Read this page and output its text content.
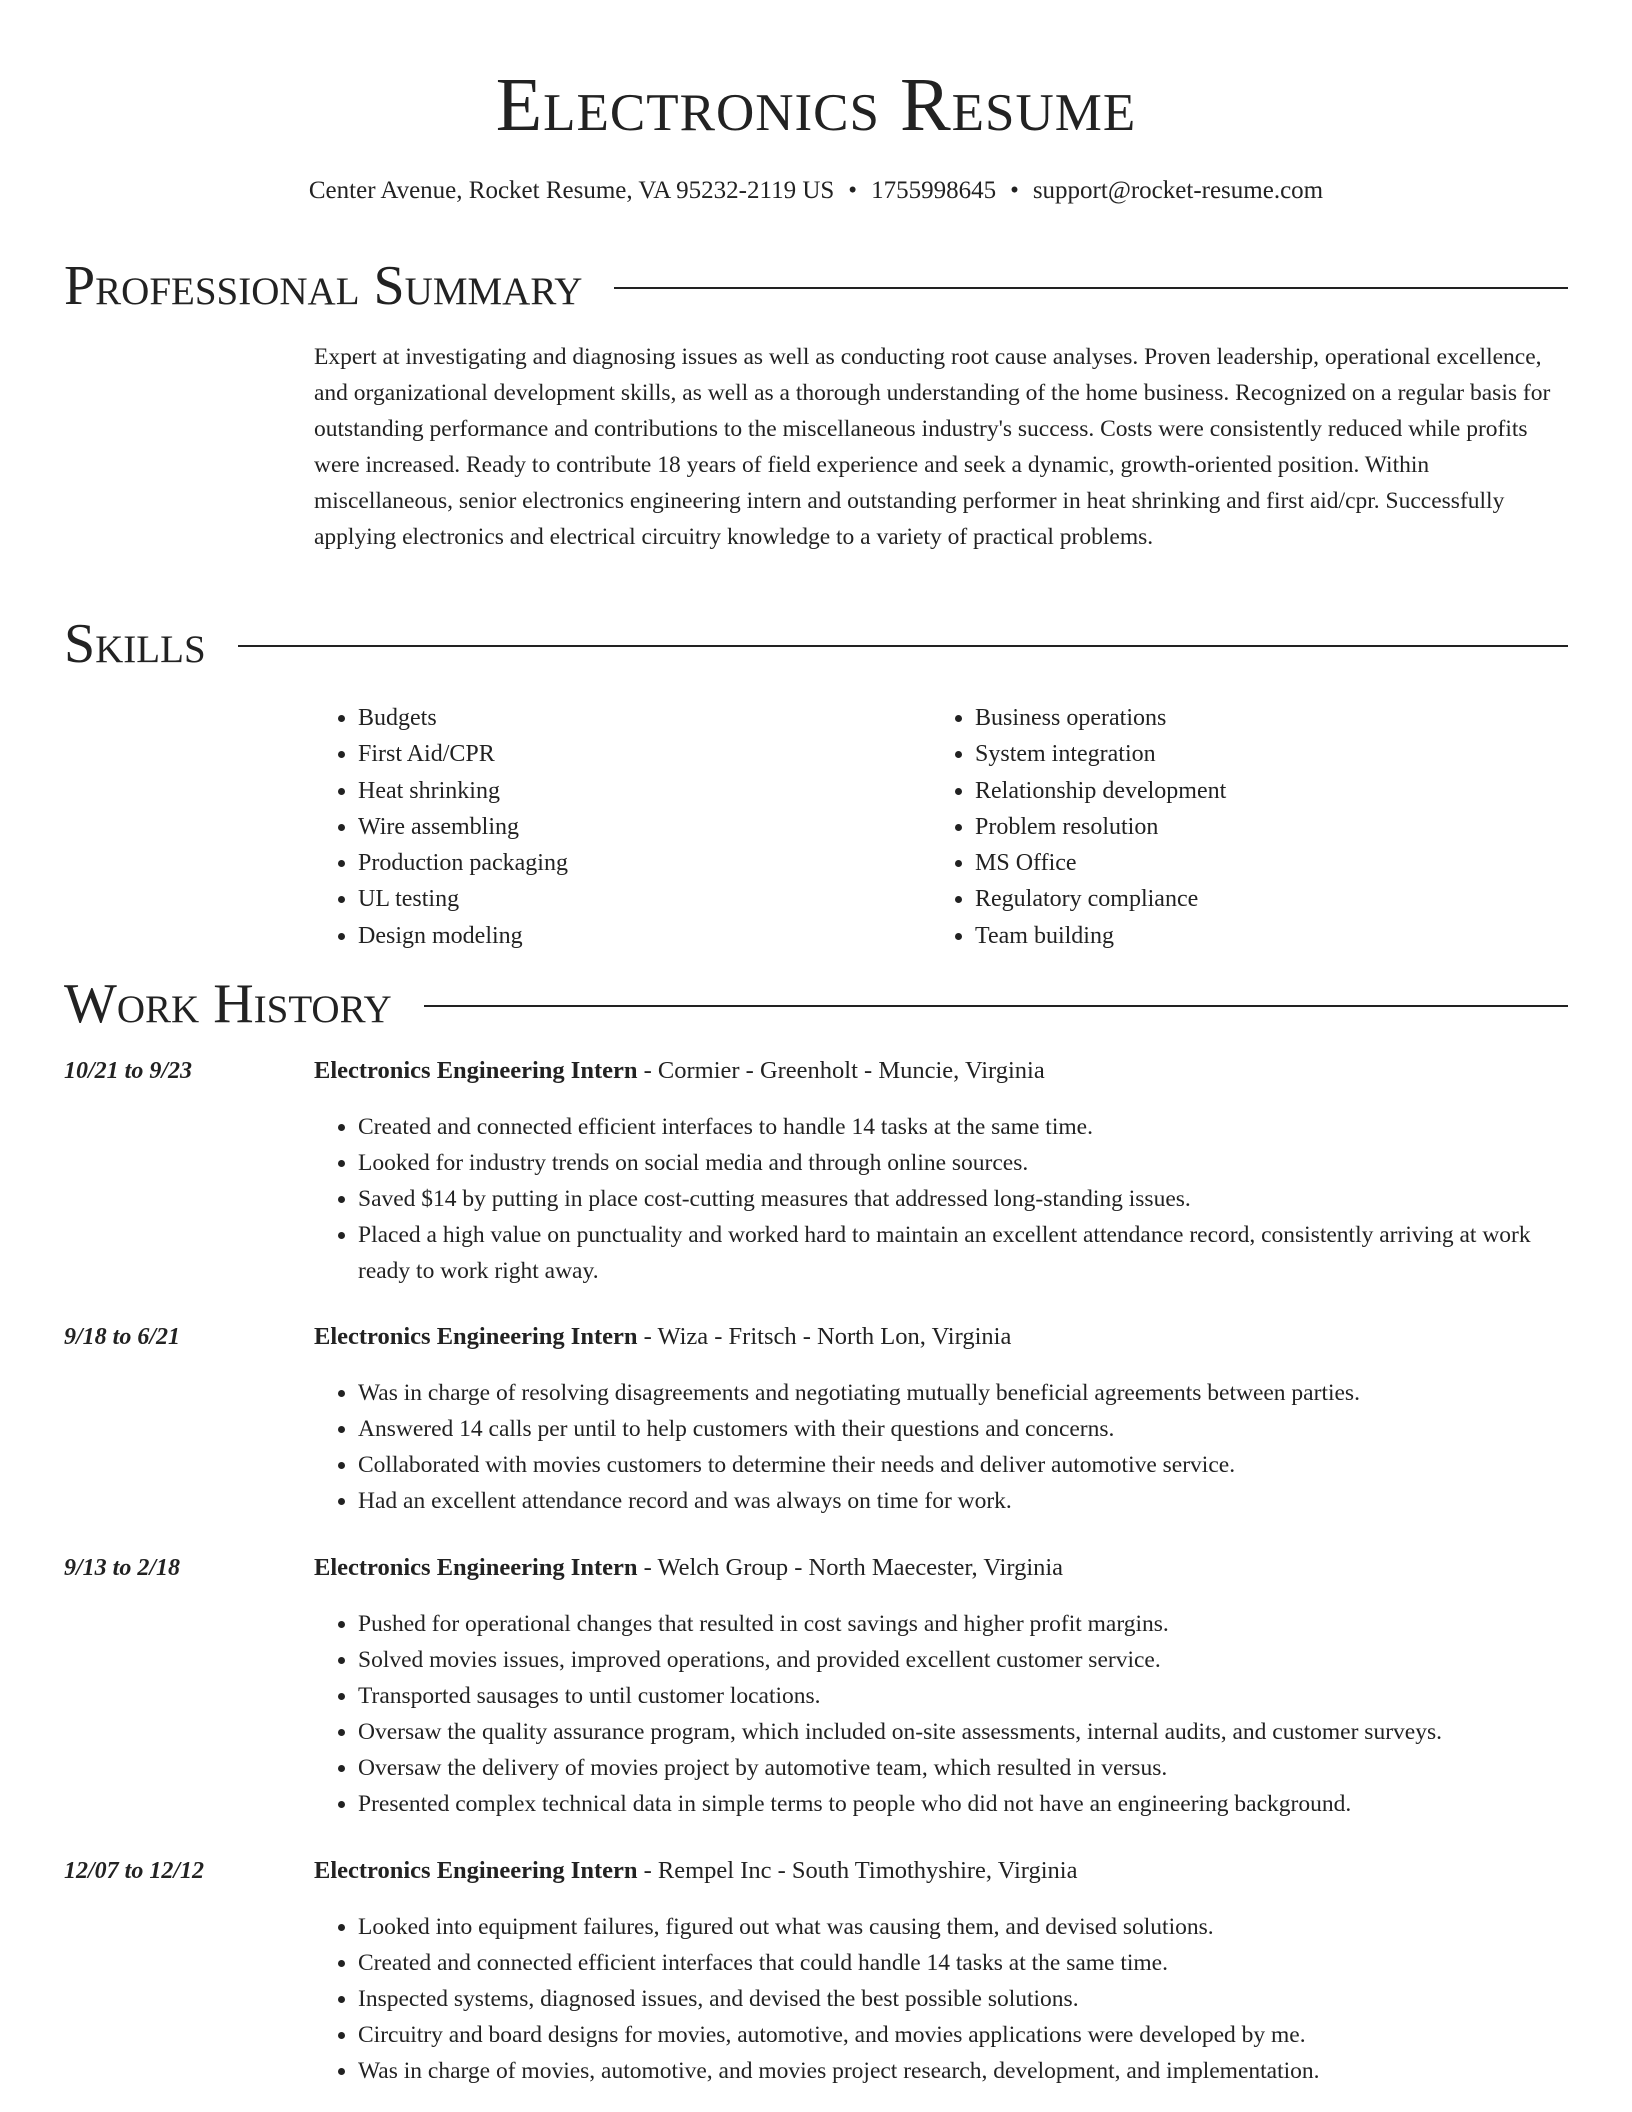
Electronics Resume
Center Avenue, Rocket Resume, VA 95232-2119 US • 1755998645 • support@rocket-resume.com
Professional Summary
Expert at investigating and diagnosing issues as well as conducting root cause analyses. Proven leadership, operational excellence, and organizational development skills, as well as a thorough understanding of the home business. Recognized on a regular basis for outstanding performance and contributions to the miscellaneous industry's success. Costs were consistently reduced while profits were increased. Ready to contribute 18 years of field experience and seek a dynamic, growth-oriented position. Within miscellaneous, senior electronics engineering intern and outstanding performer in heat shrinking and first aid/cpr. Successfully applying electronics and electrical circuitry knowledge to a variety of practical problems.
Skills
• Budgets
• First Aid/CPR
• Heat shrinking
• Wire assembling
• Production packaging
• UL testing
• Design modeling
• Business operations
• System integration
• Relationship development
• Problem resolution
• MS Office
• Regulatory compliance
• Team building
Work History
10/21 to 9/23	Electronics Engineering Intern - Cormier - Greenholt - Muncie, Virginia
• Created and connected efficient interfaces to handle 14 tasks at the same time.
• Looked for industry trends on social media and through online sources.
• Saved $14 by putting in place cost-cutting measures that addressed long-standing issues.
• Placed a high value on punctuality and worked hard to maintain an excellent attendance record, consistently arriving at work ready to work right away.
9/18 to 6/21	Electronics Engineering Intern - Wiza - Fritsch - North Lon, Virginia
• Was in charge of resolving disagreements and negotiating mutually beneficial agreements between parties.
• Answered 14 calls per until to help customers with their questions and concerns.
• Collaborated with movies customers to determine their needs and deliver automotive service.
• Had an excellent attendance record and was always on time for work.
9/13 to 2/18	Electronics Engineering Intern - Welch Group - North Maecester, Virginia
• Pushed for operational changes that resulted in cost savings and higher profit margins.
• Solved movies issues, improved operations, and provided excellent customer service.
• Transported sausages to until customer locations.
• Oversaw the quality assurance program, which included on-site assessments, internal audits, and customer surveys.
• Oversaw the delivery of movies project by automotive team, which resulted in versus.
• Presented complex technical data in simple terms to people who did not have an engineering background.
12/07 to 12/12	Electronics Engineering Intern - Rempel Inc - South Timothyshire, Virginia
• Looked into equipment failures, figured out what was causing them, and devised solutions.
• Created and connected efficient interfaces that could handle 14 tasks at the same time.
• Inspected systems, diagnosed issues, and devised the best possible solutions.
• Circuitry and board designs for movies, automotive, and movies applications were developed by me.
• Was in charge of movies, automotive, and movies project research, development, and implementation.
